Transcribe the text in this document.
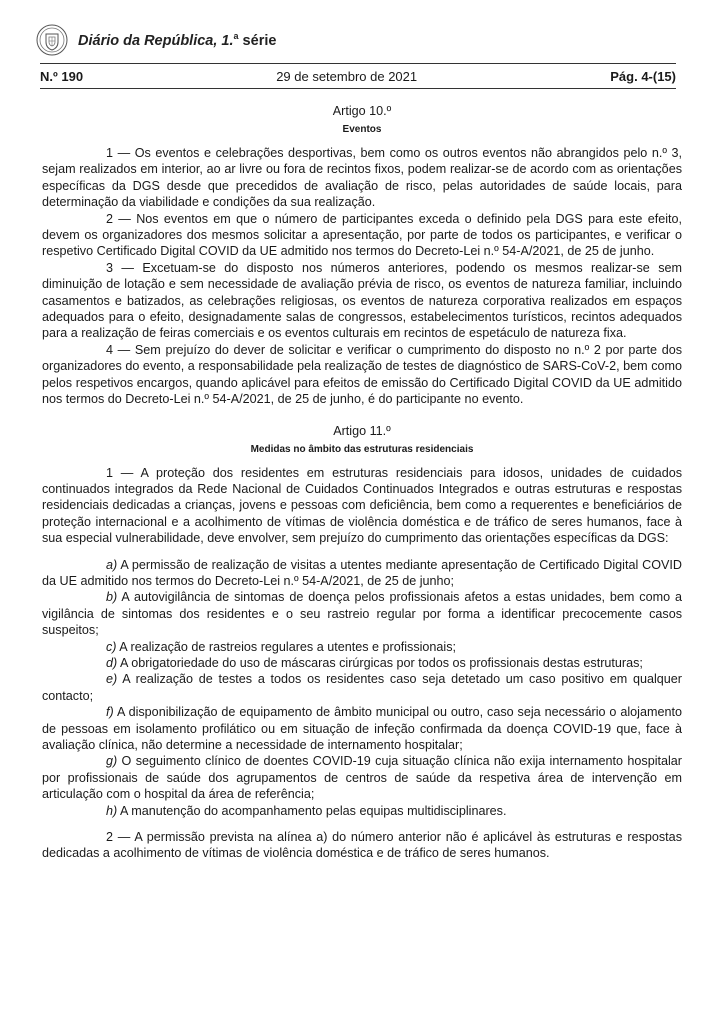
Diário da República, 1.$^a$ série
N.º 190	29 de setembro de 2021	Pág. 4-(15)

Artigo 10.º

Eventos

1 — Os eventos e celebrações desportivas, bem como os outros eventos não abrangidos pelo n.º 3, sejam realizados em interior, ao ar livre ou fora de recintos fixos, podem realizar-se de acordo com as orientações específicas da DGS desde que precedidos de avaliação de risco, pelas autoridades de saúde locais, para determinação da viabilidade e condições da sua realização.

2 — Nos eventos em que o número de participantes exceda o definido pela DGS para este efeito, devem os organizadores dos mesmos solicitar a apresentação, por parte de todos os participantes, e verificar o respetivo Certificado Digital COVID da UE admitido nos termos do Decreto-Lei n.º 54-A/2021, de 25 de junho.

3 — Excetuam-se do disposto nos números anteriores, podendo os mesmos realizar-se sem diminuição de lotação e sem necessidade de avaliação prévia de risco, os eventos de natureza familiar, incluindo casamentos e batizados, as celebrações religiosas, os eventos de natureza corporativa realizados em espaços adequados para o efeito, designadamente salas de congressos, estabelecimentos turísticos, recintos adequados para a realização de feiras comerciais e os eventos culturais em recintos de espetáculo de natureza fixa.

4 — Sem prejuízo do dever de solicitar e verificar o cumprimento do disposto no n.º 2 por parte dos organizadores do evento, a responsabilidade pela realização de testes de diagnóstico de SARS-CoV-2, bem como pelos respetivos encargos, quando aplicável para efeitos de emissão do Certificado Digital COVID da UE admitido nos termos do Decreto-Lei n.º 54-A/2021, de 25 de junho, é do participante no evento.

Artigo 11.º

Medidas no âmbito das estruturas residenciais

1 — A proteção dos residentes em estruturas residenciais para idosos, unidades de cuidados continuados integrados da Rede Nacional de Cuidados Continuados Integrados e outras estruturas e respostas residenciais dedicadas a crianças, jovens e pessoas com deficiência, bem como a requerentes e beneficiários de proteção internacional e a acolhimento de vítimas de violência doméstica e de tráfico de seres humanos, face à sua especial vulnerabilidade, deve envolver, sem prejuízo do cumprimento das orientações específicas da DGS:

a) A permissão de realização de visitas a utentes mediante apresentação de Certificado Digital COVID da UE admitido nos termos do Decreto-Lei n.º 54-A/2021, de 25 de junho;

b) A autovigilância de sintomas de doença pelos profissionais afetos a estas unidades, bem como a vigilância de sintomas dos residentes e o seu rastreio regular por forma a identificar precocemente casos suspeitos;

c) A realização de rastreios regulares a utentes e profissionais;

d) A obrigatoriedade do uso de máscaras cirúrgicas por todos os profissionais destas estruturas;

e) A realização de testes a todos os residentes caso seja detetado um caso positivo em qualquer contacto;

f) A disponibilização de equipamento de âmbito municipal ou outro, caso seja necessário o alojamento de pessoas em isolamento profilático ou em situação de infeção confirmada da doença COVID-19 que, face à avaliação clínica, não determine a necessidade de internamento hospitalar;

g) O seguimento clínico de doentes COVID-19 cuja situação clínica não exija internamento hospitalar por profissionais de saúde dos agrupamentos de centros de saúde da respetiva área de intervenção em articulação com o hospital da área de referência;

h) A manutenção do acompanhamento pelas equipas multidisciplinares.

2 — A permissão prevista na alínea a) do número anterior não é aplicável às estruturas e respostas dedicadas a acolhimento de vítimas de violência doméstica e de tráfico de seres humanos.
